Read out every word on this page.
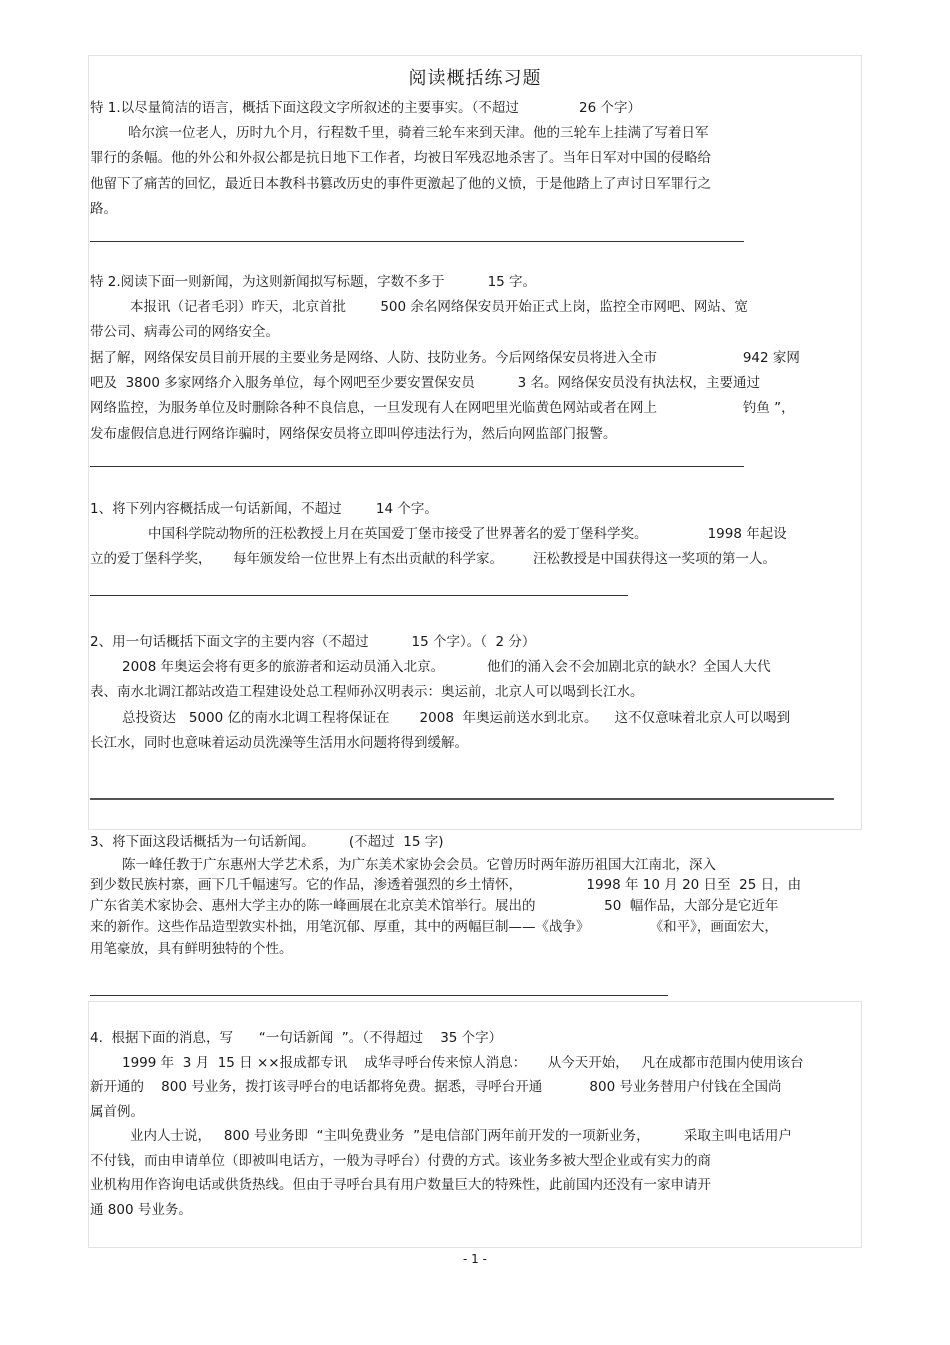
阅读概括练习题
特 1.以尽量简洁的语言，概括下面这段文字所叙述的主要事实。（不超过              26 个字）
哈尔滨一位老人，历时九个月，行程数千里，骑着三轮车来到天津。他的三轮车上挂满了写着日军
罪行的条幅。他的外公和外叔公都是抗日地下工作者，均被日军残忍地杀害了。当年日军对中国的侵略给
他留下了痛苦的回忆，最近日本教科书篡改历史的事件更激起了他的义愤，于是他踏上了声讨日军罪行之
路。
特 2.阅读下面一则新闻，为这则新闻拟写标题，字数不多于          15 字。
本报讯（记者毛羽）昨天，北京首批        500 余名网络保安员开始正式上岗，监控全市网吧、网站、宽
带公司、病毒公司的网络安全。
据了解，网络保安员目前开展的主要业务是网络、人防、技防业务。今后网络保安员将进入全市                    942 家网
吧及  3800 多家网络介入服务单位，每个网吧至少要安置保安员          3 名。网络保安员没有执法权，主要通过
网络监控，为服务单位及时删除各种不良信息，一旦发现有人在网吧里光临黄色网站或者在网上                    钓鱼 ”，
发布虚假信息进行网络诈骗时，网络保安员将立即叫停违法行为，然后向网监部门报警。
1、将下列内容概括成一句话新闻，不超过        14 个字。
中国科学院动物所的汪松教授上月在英国爱丁堡市接受了世界著名的爱丁堡科学奖。              1998 年起设
立的爱丁堡科学奖，     每年颁发给一位世界上有杰出贡献的科学家。       汪松教授是中国获得这一奖项的第一人。
2、用一句话概括下面文字的主要内容（不超过          15 个字）。（  2 分）
2008 年奥运会将有更多的旅游者和运动员涌入北京。          他们的涌入会不会加剧北京的缺水？全国人大代
表、南水北调江都站改造工程建设处总工程师孙汉明表示：奥运前，北京人可以喝到长江水。
总投资达   5000 亿的南水北调工程将保证在       2008  年奥运前送水到北京。    这不仅意味着北京人可以喝到
长江水，同时也意味着运动员洗澡等生活用水问题将得到缓解。
3、将下面这段话概括为一句话新闻。        (不超过  15 字)
陈一峰任教于广东惠州大学艺术系，为广东美术家协会会员。它曾历时两年游历祖国大江南北，深入
到少数民族村寨，画下几千幅速写。它的作品，渗透着强烈的乡土情怀，               1998 年 10 月 20 日至  25 日，由
广东省美术家协会、惠州大学主办的陈一峰画展在北京美术馆举行。展出的                50  幅作品，大部分是它近年
来的新作。这些作品造型敦实朴拙，用笔沉郁、厚重，其中的两幅巨制——《战争》              《和平》，画面宏大，
用笔豪放，具有鲜明独特的个性。
4.  根据下面的消息，写      “一句话新闻  ”。（不得超过    35 个字）
1999 年  3 月  15 日 ××报成都专讯    成华寻呼台传来惊人消息：     从今天开始，   凡在成都市范围内使用该台
新开通的    800 号业务，拨打该寻呼台的电话都将免费。据悉，寻呼台开通           800 号业务替用户付钱在全国尚
属首例。
业内人士说，   800 号业务即  “主叫免费业务  ”是电信部门两年前开发的一项新业务，        采取主叫电话用户
不付钱，而由申请单位（即被叫电话方，一般为寻呼台）付费的方式。该业务多被大型企业或有实力的商
业机构用作咨询电话或供货热线。但由于寻呼台具有用户数量巨大的特殊性，此前国内还没有一家申请开
通 800 号业务。
- 1 -
